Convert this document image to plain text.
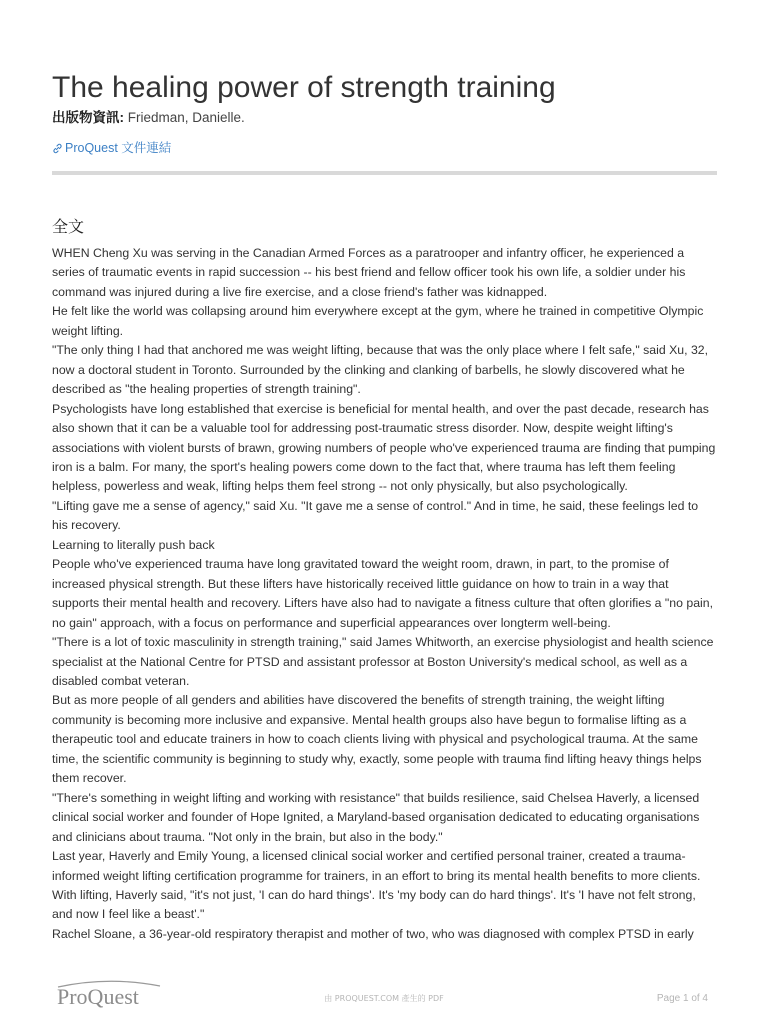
The healing power of strength training
出版物資訊: Friedman, Danielle.
ProQuest 文件連結
全文

WHEN Cheng Xu was serving in the Canadian Armed Forces as a paratrooper and infantry officer, he experienced a series of traumatic events in rapid succession -- his best friend and fellow officer took his own life, a soldier under his command was injured during a live fire exercise, and a close friend's father was kidnapped.

He felt like the world was collapsing around him everywhere except at the gym, where he trained in competitive Olympic weight lifting.

"The only thing I had that anchored me was weight lifting, because that was the only place where I felt safe," said Xu, 32, now a doctoral student in Toronto. Surrounded by the clinking and clanking of barbells, he slowly discovered what he described as "the healing properties of strength training".

Psychologists have long established that exercise is beneficial for mental health, and over the past decade, research has also shown that it can be a valuable tool for addressing post-traumatic stress disorder. Now, despite weight lifting's associations with violent bursts of brawn, growing numbers of people who've experienced trauma are finding that pumping iron is a balm. For many, the sport's healing powers come down to the fact that, where trauma has left them feeling helpless, powerless and weak, lifting helps them feel strong -- not only physically, but also psychologically.

"Lifting gave me a sense of agency," said Xu. "It gave me a sense of control." And in time, he said, these feelings led to his recovery.

Learning to literally push back

People who've experienced trauma have long gravitated toward the weight room, drawn, in part, to the promise of increased physical strength. But these lifters have historically received little guidance on how to train in a way that supports their mental health and recovery. Lifters have also had to navigate a fitness culture that often glorifies a "no pain, no gain" approach, with a focus on performance and superficial appearances over longterm well-being.

"There is a lot of toxic masculinity in strength training," said James Whitworth, an exercise physiologist and health science specialist at the National Centre for PTSD and assistant professor at Boston University's medical school, as well as a disabled combat veteran.

But as more people of all genders and abilities have discovered the benefits of strength training, the weight lifting community is becoming more inclusive and expansive. Mental health groups also have begun to formalise lifting as a therapeutic tool and educate trainers in how to coach clients living with physical and psychological trauma. At the same time, the scientific community is beginning to study why, exactly, some people with trauma find lifting heavy things helps them recover.

"There's something in weight lifting and working with resistance" that builds resilience, said Chelsea Haverly, a licensed clinical social worker and founder of Hope Ignited, a Maryland-based organisation dedicated to educating organisations and clinicians about trauma. "Not only in the brain, but also in the body."

Last year, Haverly and Emily Young, a licensed clinical social worker and certified personal trainer, created a trauma-informed weight lifting certification programme for trainers, in an effort to bring its mental health benefits to more clients. With lifting, Haverly said, "it's not just, 'I can do hard things'. It's 'my body can do hard things'. It's 'I have not felt strong, and now I feel like a beast'."

Rachel Sloane, a 36-year-old respiratory therapist and mother of two, who was diagnosed with complex PTSD in early

ProQuest	由 PROQUEST.COM 產生的 PDF	Page 1 of 4
